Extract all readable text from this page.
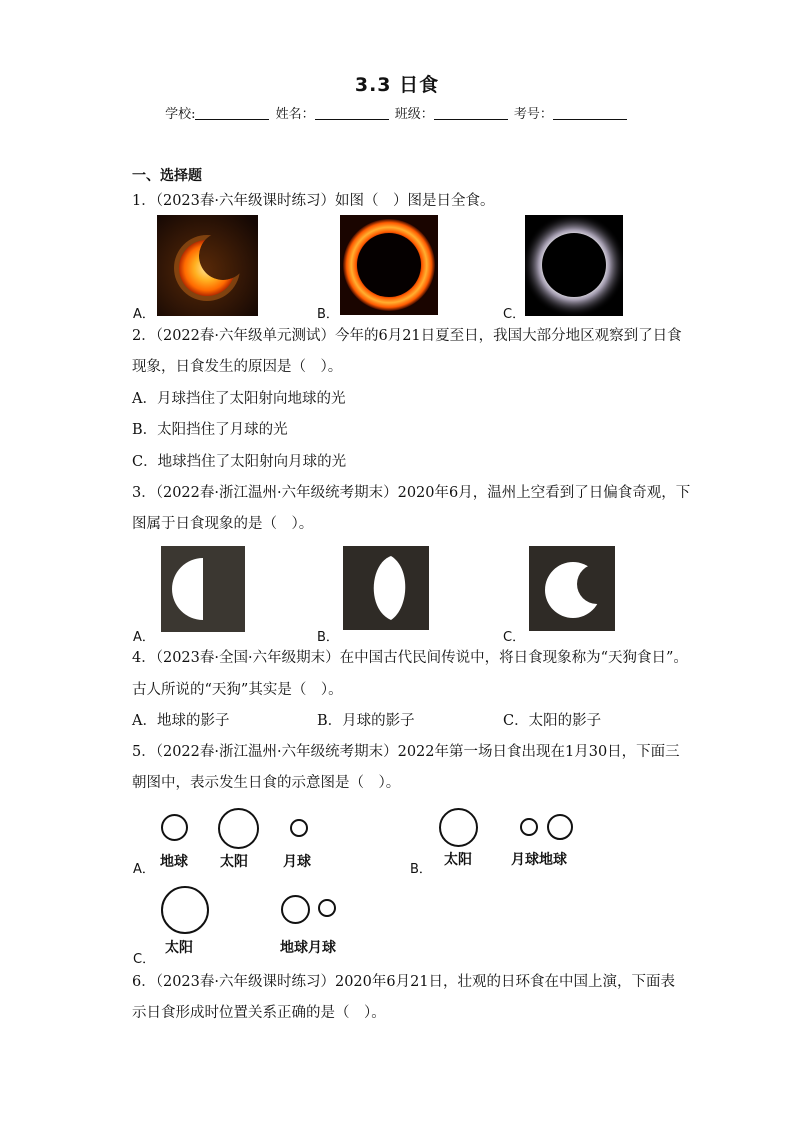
3.3 日食
学校:	姓名：	班级：	考号：
一、选择题
1．（2023春·六年级课时练习）如图（　）图是日全食。
A．	B．	C．
2．（2022春·六年级单元测试）今年的6月21日夏至日，我国大部分地区观察到了日食
现象，日食发生的原因是（　）。
A．月球挡住了太阳射向地球的光
B．太阳挡住了月球的光
C．地球挡住了太阳射向月球的光
3．（2022春·浙江温州·六年级统考期末）2020年6月，温州上空看到了日偏食奇观，下
图属于日食现象的是（　）。
A．	B．	C．
4．（2023春·全国·六年级期末）在中国古代民间传说中，将日食现象称为“天狗食日”。
古人所说的“天狗”其实是（　）。
A．地球的影子	B．月球的影子	C．太阳的影子
5．（2022春·浙江温州·六年级统考期末）2022年第一场日食出现在1月30日，下面三
朝图中，表示发生日食的示意图是（　）。
地球 太阳	月球
A．
太阳	月球地球
B．
太阳	地球月球
C．
6．（2023春·六年级课时练习）2020年6月21日，壮观的日环食在中国上演，下面表
示日食形成时位置关系正确的是（　）。
